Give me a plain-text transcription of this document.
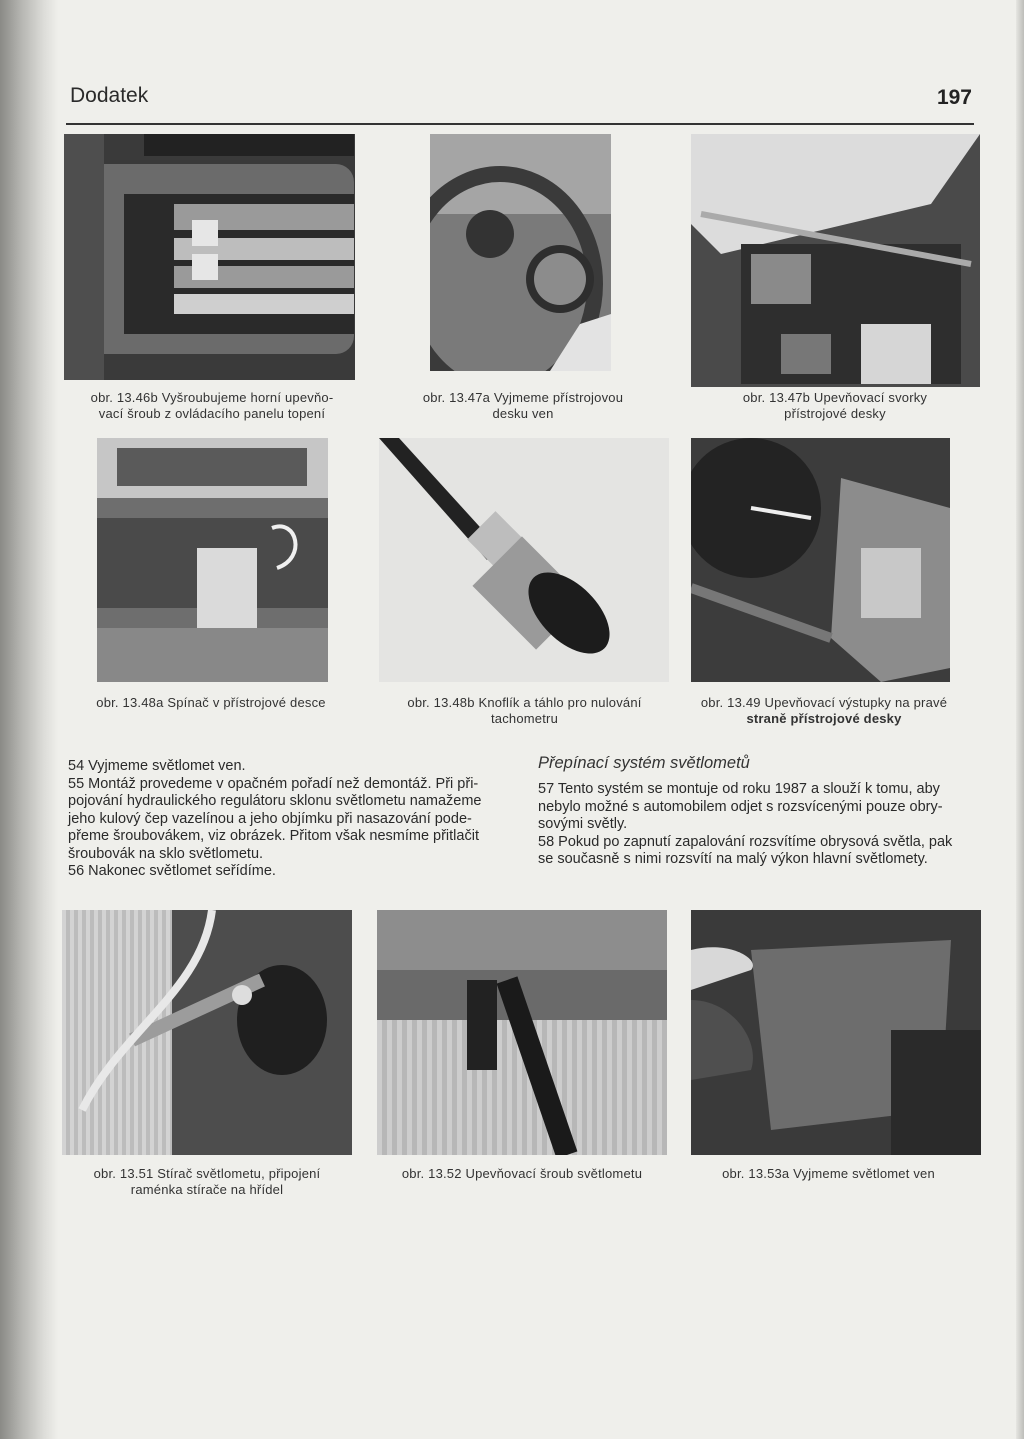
Dodatek	197
obr. 13.46b Vyšroubujeme horní upevňo-
vací šroub z ovládacího panelu topení
obr. 13.47a Vyjmeme přístrojovou
desku ven
obr. 13.47b Upevňovací svorky
přístrojové desky
obr. 13.48a Spínač v přístrojové desce	obr. 13.48b Knoflík a táhlo pro nulování
tachometru
obr. 13.49 Upevňovací výstupky na pravé
straně přístrojové desky
54 Vyjmeme světlomet ven.
55 Montáž provedeme v opačném pořadí než demontáž. Při při-
pojování hydraulického regulátoru sklonu světlometu namažeme
jeho kulový čep vazelínou a jeho objímku při nasazování pode-
přeme šroubovákem, viz obrázek. Přitom však nesmíme přitlačit
šroubovák na sklo světlometu.
56 Nakonec světlomet seřídíme.
Přepínací systém světlometů
57 Tento systém se montuje od roku 1987 a slouží k tomu, aby
nebylo možné s automobilem odjet s rozsvícenými pouze obry-
sovými světly.
58 Pokud po zapnutí zapalování rozsvítíme obrysová světla, pak
se současně s nimi rozsvítí na malý výkon hlavní světlomety.
obr. 13.51 Stírač světlometu, připojení
raménka stírače na hřídel
obr. 13.52 Upevňovací šroub světlometu	obr. 13.53a Vyjmeme světlomet ven
